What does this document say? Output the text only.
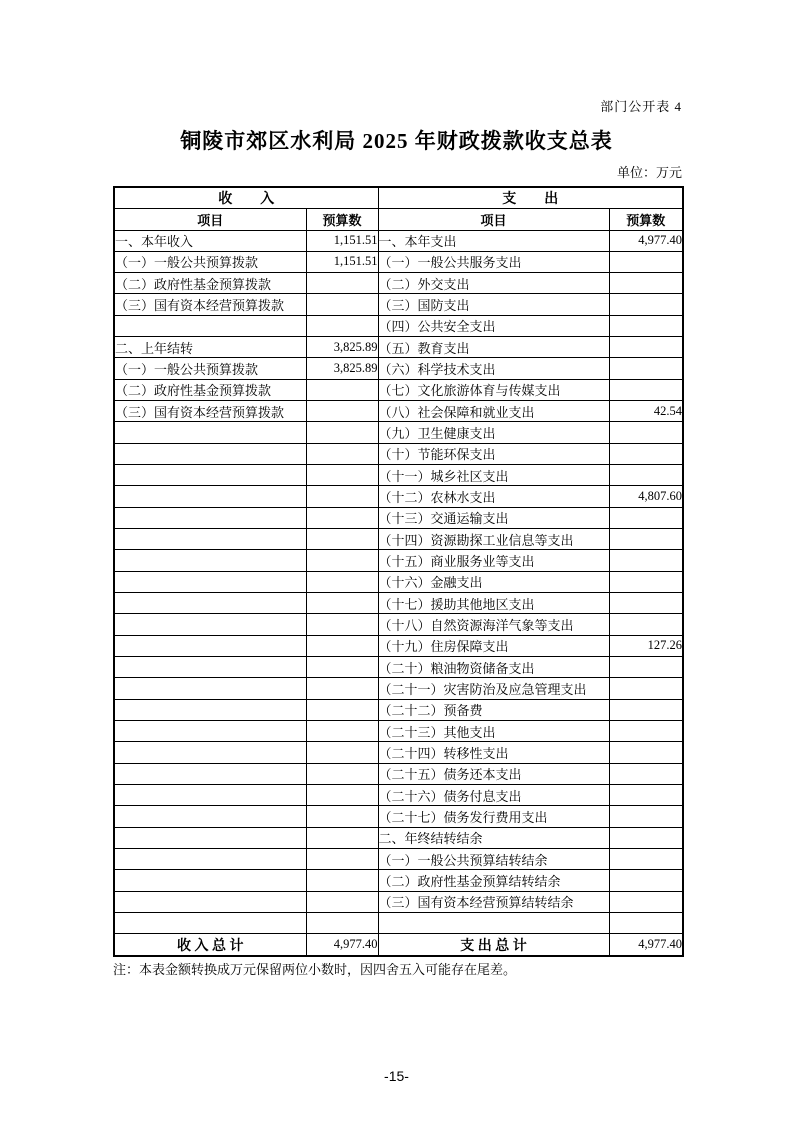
部门公开表 4
铜陵市郊区水利局 2025 年财政拨款收支总表
单位：万元
收　　入		支　　出	
项目	预算数	项目	预算数
一、本年收入	1,151.51	一、本年支出	4,977.40
（一）一般公共预算拨款	1,151.51	（一）一般公共服务支出	
（二）政府性基金预算拨款		（二）外交支出	
（三）国有资本经营预算拨款		（三）国防支出	
		（四）公共安全支出	
二、上年结转	3,825.89	（五）教育支出	
（一）一般公共预算拨款	3,825.89	（六）科学技术支出	
（二）政府性基金预算拨款		（七）文化旅游体育与传媒支出	
（三）国有资本经营预算拨款		（八）社会保障和就业支出	42.54
		（九）卫生健康支出	
		（十）节能环保支出	
		（十一）城乡社区支出	
		（十二）农林水支出	4,807.60
		（十三）交通运输支出	
		（十四）资源勘探工业信息等支出	
		（十五）商业服务业等支出	
		（十六）金融支出	
		（十七）援助其他地区支出	
		（十八）自然资源海洋气象等支出	
		（十九）住房保障支出	127.26
		（二十）粮油物资储备支出	
		（二十一）灾害防治及应急管理支出	
		（二十二）预备费	
		（二十三）其他支出	
		（二十四）转移性支出	
		（二十五）债务还本支出	
		（二十六）债务付息支出	
		（二十七）债务发行费用支出	
		二、年终结转结余	
		（一）一般公共预算结转结余	
		（二）政府性基金预算结转结余	
		（三）国有资本经营预算结转结余	

收 入 总 计	4,977.40	支 出 总 计	4,977.40
注：本表金额转换成万元保留两位小数时，因四舍五入可能存在尾差。
-15-
